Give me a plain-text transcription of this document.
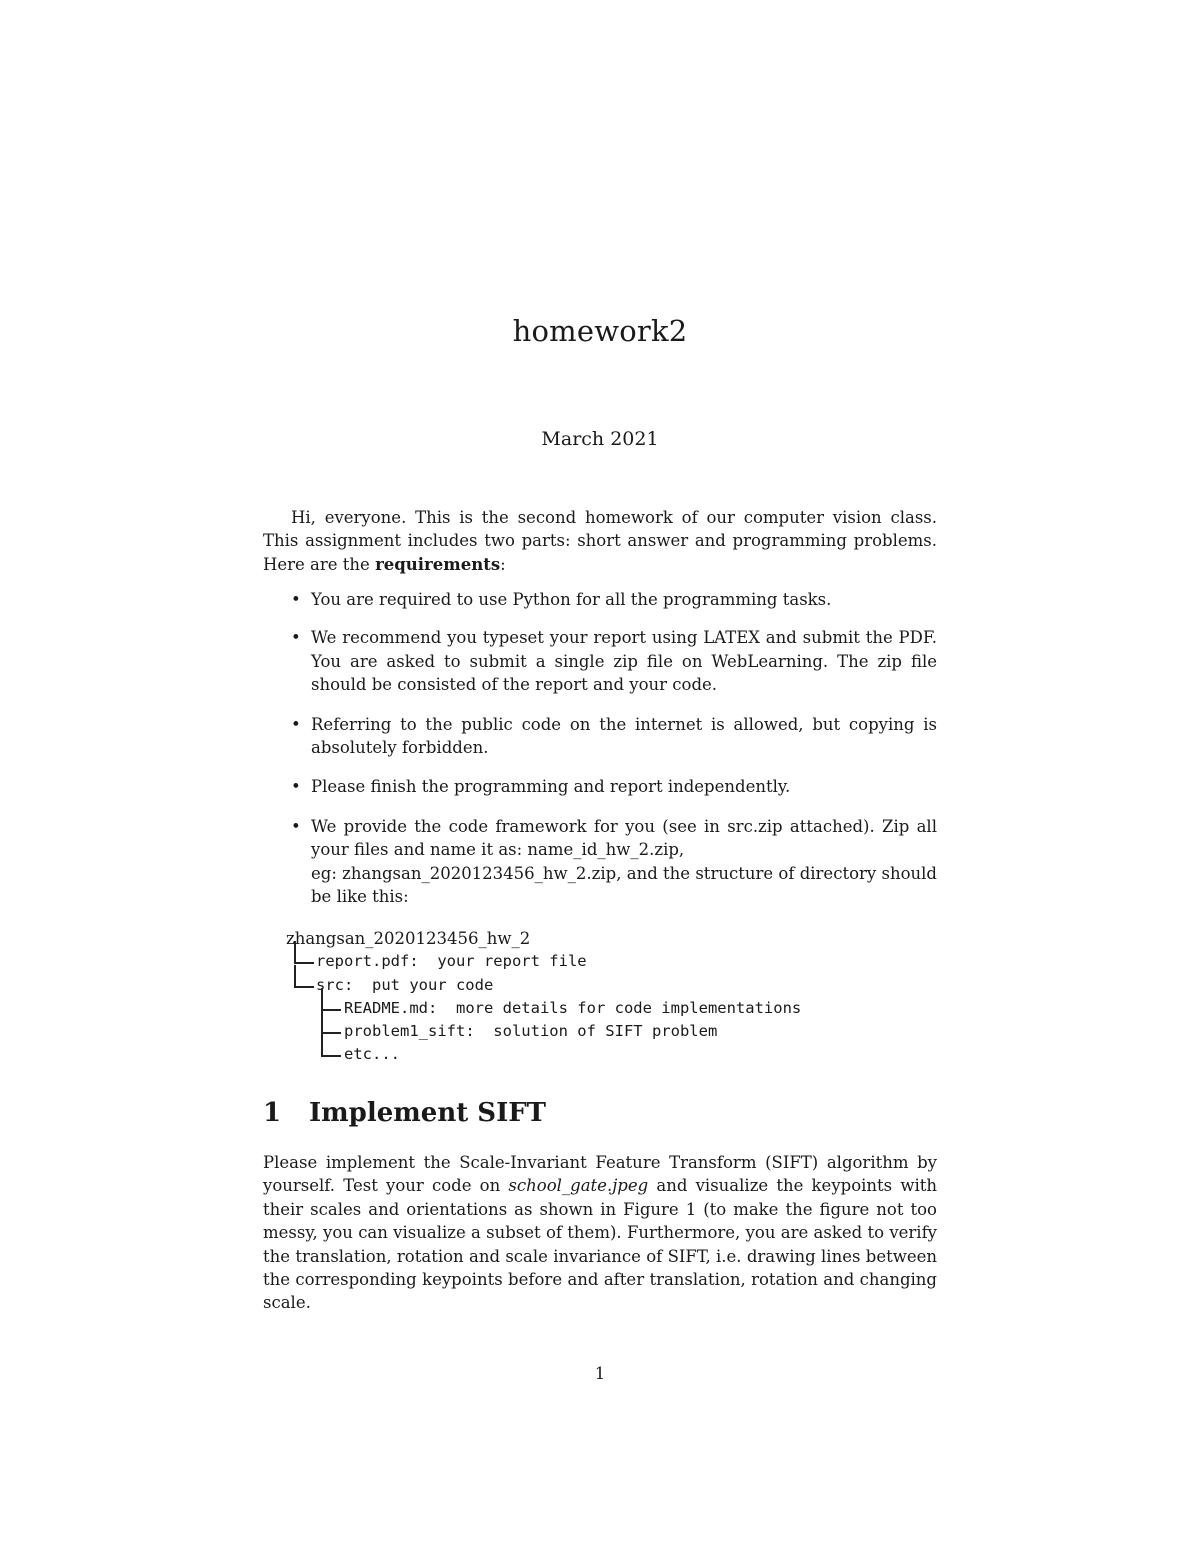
homework2
March 2021
Hi, everyone. This is the second homework of our computer vision class. This assignment includes two parts: short answer and programming problems. Here are the requirements:
• You are required to use Python for all the programming tasks.
• We recommend you typeset your report using LATEX and submit the PDF. You are asked to submit a single zip file on WebLearning. The zip file should be consisted of the report and your code.
• Referring to the public code on the internet is allowed, but copying is absolutely forbidden.
• Please finish the programming and report independently.
• We provide the code framework for you (see in src.zip attached). Zip all your files and name it as: name_id_hw_2.zip,
eg: zhangsan_2020123456_hw_2.zip, and the structure of directory should be like this:
zhangsan_2020123456_hw_2
report.pdf:  your report file
src:  put your code
README.md:  more details for code implementations
problem1_sift:  solution of SIFT problem
etc...
1 Implement SIFT
Please implement the Scale-Invariant Feature Transform (SIFT) algorithm by yourself. Test your code on school_gate.jpeg and visualize the keypoints with their scales and orientations as shown in Figure 1 (to make the figure not too messy, you can visualize a subset of them). Furthermore, you are asked to verify the translation, rotation and scale invariance of SIFT, i.e. drawing lines between the corresponding keypoints before and after translation, rotation and changing scale.
1
